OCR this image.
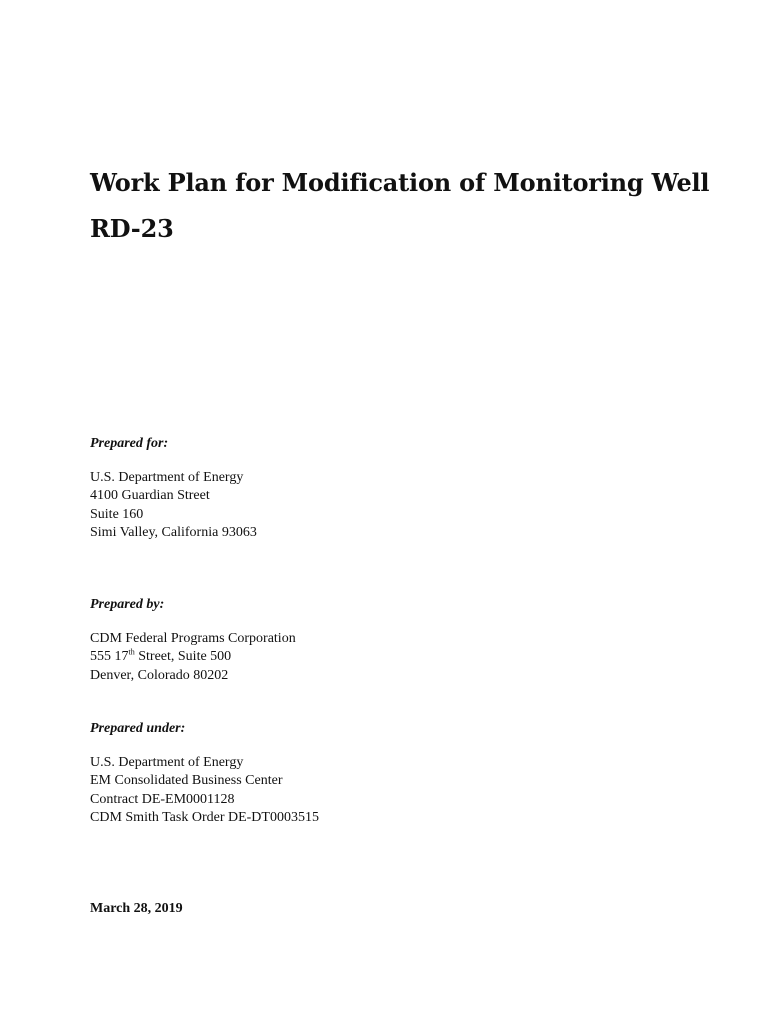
Work Plan for Modification of Monitoring Well
RD-23
Prepared for:
U.S. Department of Energy
4100 Guardian Street
Suite 160
Simi Valley, California 93063
Prepared by:
CDM Federal Programs Corporation
555 17th Street, Suite 500
Denver, Colorado 80202
Prepared under:
U.S. Department of Energy
EM Consolidated Business Center
Contract DE-EM0001128
CDM Smith Task Order DE-DT0003515
March 28, 2019
